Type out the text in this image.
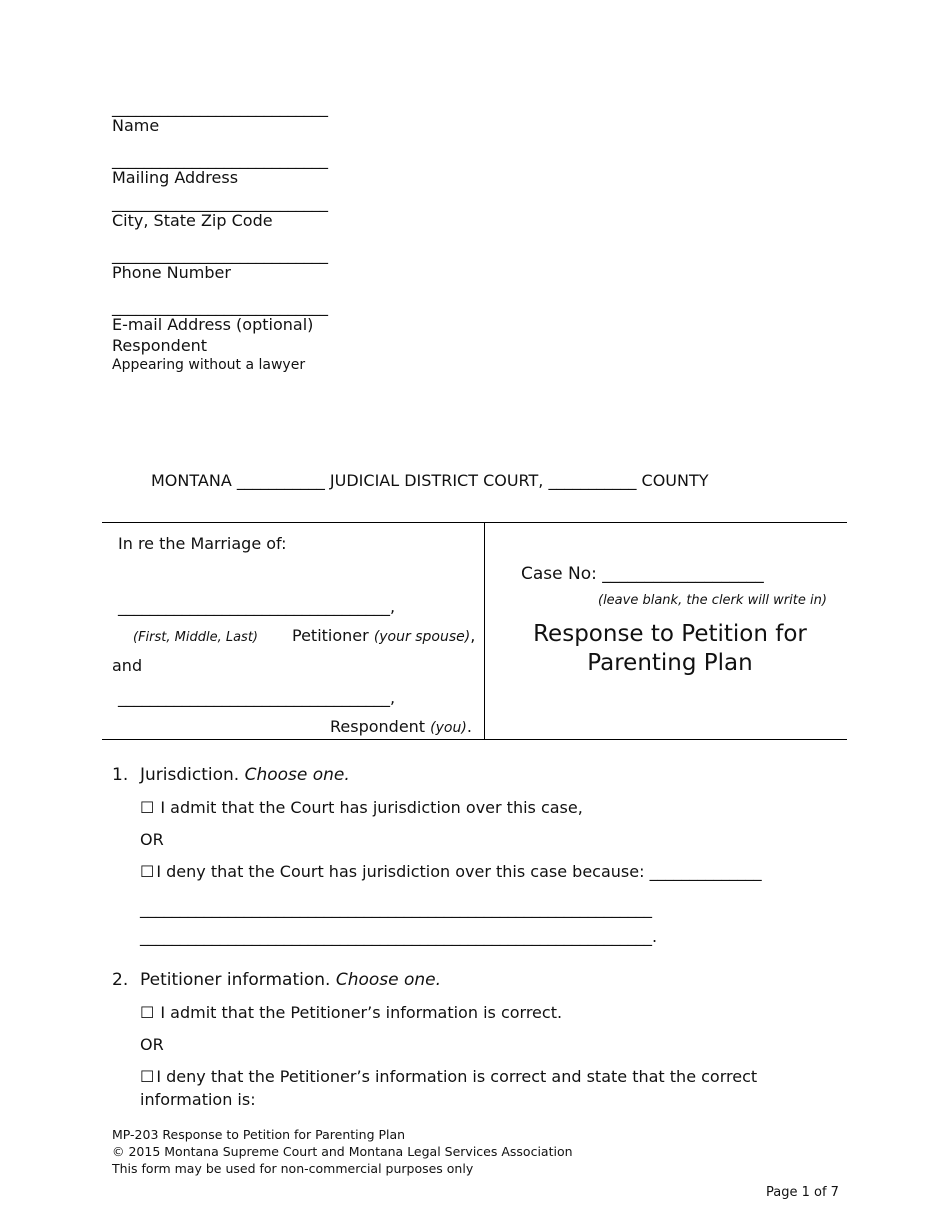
___________________________
Name
___________________________
Mailing Address
___________________________
City, State Zip Code
___________________________
Phone Number
___________________________
E-mail Address (optional)
Respondent
Appearing without a lawyer
MONTANA ___________ JUDICIAL DISTRICT COURT, ___________ COUNTY
In re the Marriage of:
__________________________________,
(First, Middle, Last) Petitioner (your spouse),
and
__________________________________,
Respondent (you).
Case No: ___________________
(leave blank, the clerk will write in)
Response to Petition for Parenting Plan
1. Jurisdiction. Choose one.
☐ I admit that the Court has jurisdiction over this case,
OR
☐ I deny that the Court has jurisdiction over this case because: ______________
________________________________________________________________
________________________________________________________________.
2. Petitioner information. Choose one.
☐ I admit that the Petitioner’s information is correct.
OR
☐ I deny that the Petitioner’s information is correct and state that the correct
information is:
MP-203 Response to Petition for Parenting Plan
© 2015 Montana Supreme Court and Montana Legal Services Association
This form may be used for non-commercial purposes only
Page 1 of 7
